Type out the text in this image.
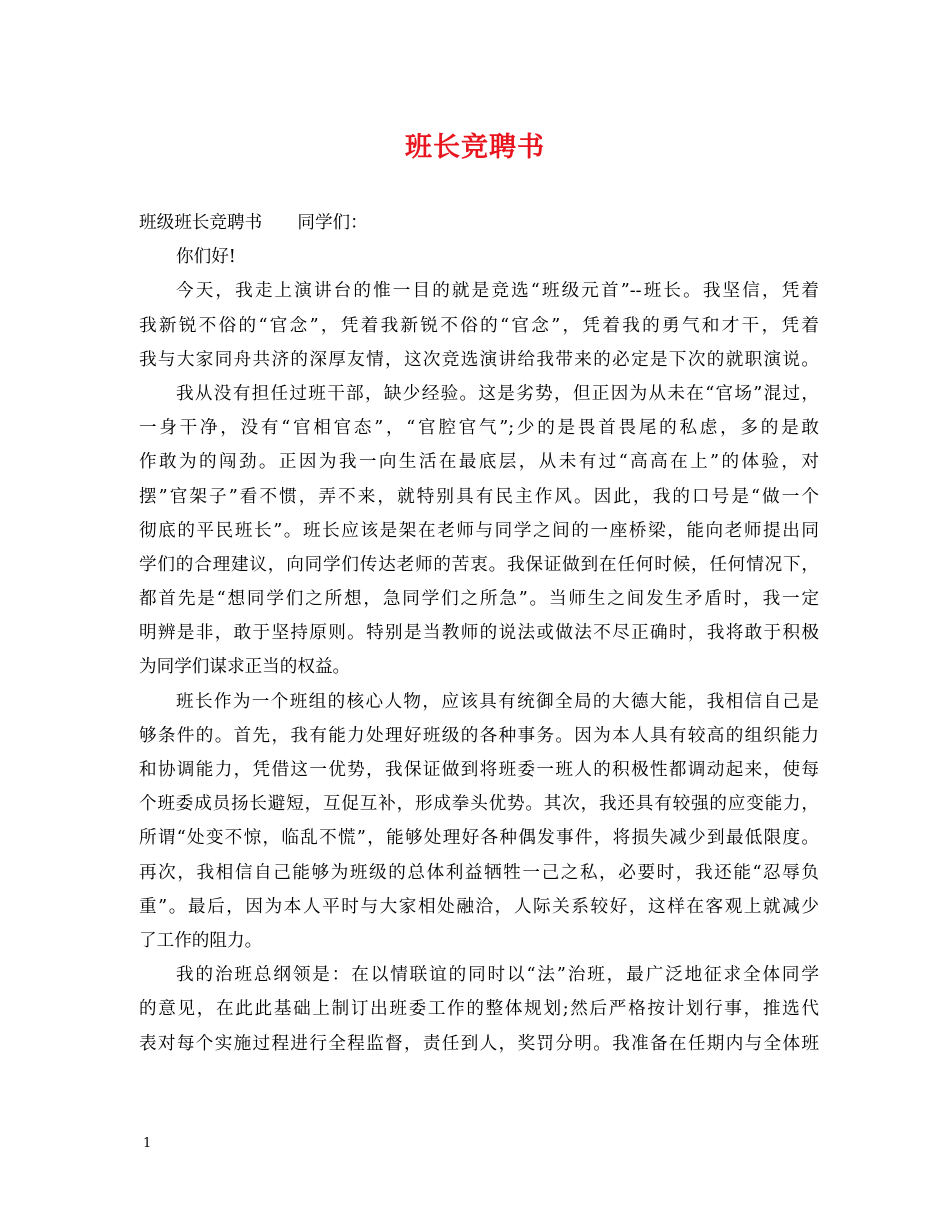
班长竞聘书
班级班长竞聘书　　同学们：
你们好!
今天，我走上演讲台的惟一目的就是竞选“班级元首”--班长。我坚信，凭着
我新锐不俗的“官念”，凭着我新锐不俗的“官念”，凭着我的勇气和才干，凭着
我与大家同舟共济的深厚友情，这次竞选演讲给我带来的必定是下次的就职演说。
我从没有担任过班干部，缺少经验。这是劣势，但正因为从未在“官场”混过，
一身干净，没有“官相官态”，“官腔官气”;少的是畏首畏尾的私虑，多的是敢
作敢为的闯劲。正因为我一向生活在最底层，从未有过“高高在上”的体验，对
摆”官架子”看不惯，弄不来，就特别具有民主作风。因此，我的口号是“做一个
彻底的平民班长”。班长应该是架在老师与同学之间的一座桥梁，能向老师提出同
学们的合理建议，向同学们传达老师的苦衷。我保证做到在任何时候，任何情况下，
都首先是“想同学们之所想，急同学们之所急”。当师生之间发生矛盾时，我一定
明辨是非，敢于坚持原则。特别是当教师的说法或做法不尽正确时，我将敢于积极
为同学们谋求正当的权益。
班长作为一个班组的核心人物，应该具有统御全局的大德大能，我相信自己是
够条件的。首先，我有能力处理好班级的各种事务。因为本人具有较高的组织能力
和协调能力，凭借这一优势，我保证做到将班委一班人的积极性都调动起来，使每
个班委成员扬长避短，互促互补，形成拳头优势。其次，我还具有较强的应变能力，
所谓“处变不惊，临乱不慌”，能够处理好各种偶发事件，将损失减少到最低限度。
再次，我相信自己能够为班级的总体利益牺牲一己之私，必要时，我还能“忍辱负
重”。最后，因为本人平时与大家相处融洽，人际关系较好，这样在客观上就减少
了工作的阻力。
我的治班总纲领是：在以情联谊的同时以“法”治班，最广泛地征求全体同学
的意见，在此此基础上制订出班委工作的整体规划;然后严格按计划行事，推选代
表对每个实施过程进行全程监督，责任到人，奖罚分明。我准备在任期内与全体班
1
